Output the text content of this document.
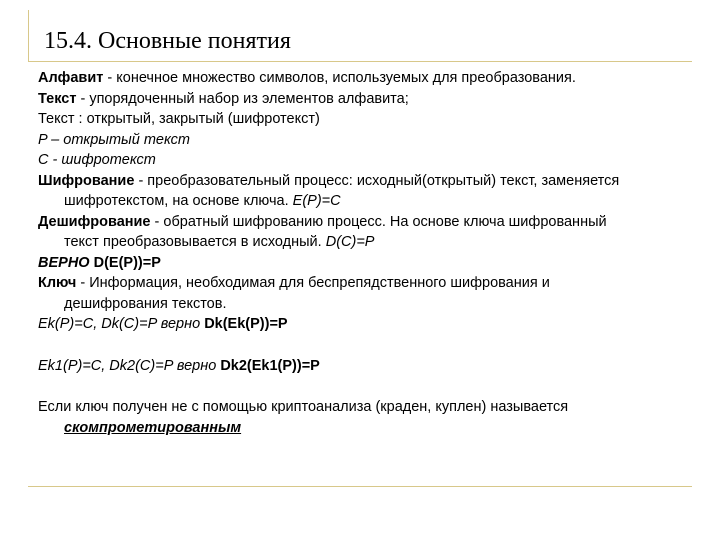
15.4. Основные понятия
Алфавит - конечное множество символов, используемых для преобразования.
Текст - упорядоченный набор из элементов алфавита;
Текст : открытый, закрытый (шифротекст)
P – открытый текст
C - шифротекст
Шифрование - преобразовательный процесс: исходный(открытый) текст, заменяется
шифротекстом, на основе ключа. E(P)=C
Дешифрование - обратный шифрованию процесс. На основе ключа шифрованный
текст преобразовывается в исходный. D(C)=P
ВЕРНО D(E(P))=P
Ключ - Информация, необходимая для беспрепядственного шифрования и
дешифрования текстов.
Ek(P)=C, Dk(C)=P верно Dk(Ek(P))=P
Ek1(P)=C, Dk2(C)=P верно Dk2(Ek1(P))=P
Если ключ получен не с помощью криптоанализа (краден, куплен) называется
скомпрометированным
